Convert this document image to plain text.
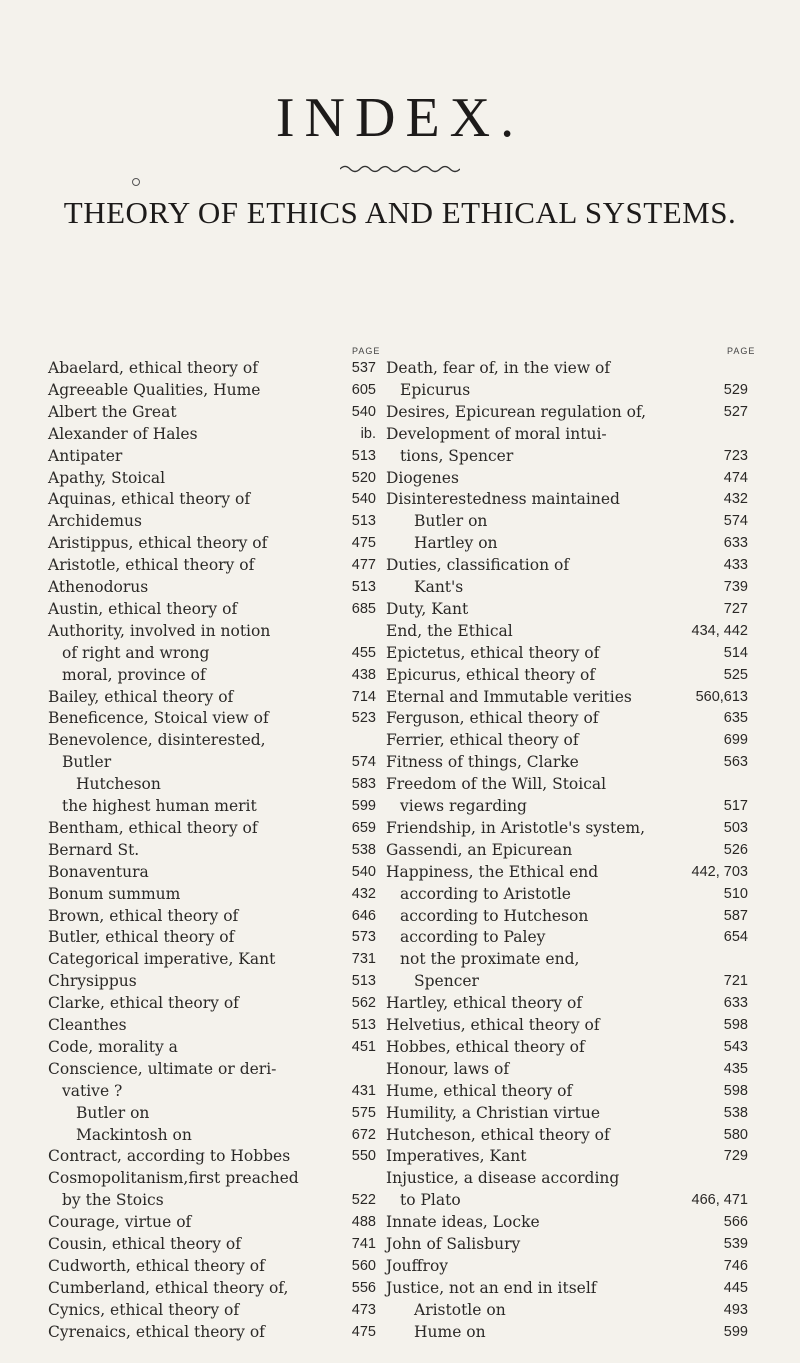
INDEX.
THEORY OF ETHICS AND ETHICAL SYSTEMS.
PAGE	PAGE
Abaelard, ethical theory of	537
Agreeable Qualities, Hume	605
Albert the Great	540
Alexander of Hales	ib.
Antipater	513
Apathy, Stoical	520
Aquinas, ethical theory of	540
Archidemus	513
Aristippus, ethical theory of	475
Aristotle, ethical theory of	477
Athenodorus	513
Austin, ethical theory of	685
Authority, involved in notion
of right and wrong	455
moral, province of	438
Bailey, ethical theory of	714
Beneficence, Stoical view of	523
Benevolence, disinterested,
Butler	574
Hutcheson	583
the highest human merit	599
Bentham, ethical theory of	659
Bernard St.	538
Bonaventura	540
Bonum summum	432
Brown, ethical theory of	646
Butler, ethical theory of	573
Categorical imperative, Kant	731
Chrysippus	513
Clarke, ethical theory of	562
Cleanthes	513
Code, morality a	451
Conscience, ultimate or deri-
vative ?	431
Butler on	575
Mackintosh on	672
Contract, according to Hobbes	550
Cosmopolitanism,first preached
by the Stoics	522
Courage, virtue of	488
Cousin, ethical theory of	741
Cudworth, ethical theory of	560
Cumberland, ethical theory of,	556
Cynics, ethical theory of	473
Cyrenaics, ethical theory of	475
Death, fear of, in the view of
Epicurus	529
Desires, Epicurean regulation of,	527
Development of moral intui-
tions, Spencer	723
Diogenes	474
Disinterestedness maintained	432
Butler on	574
Hartley on	633
Duties, classification of	433
Kant's	739
Duty, Kant	727
End, the Ethical	434, 442
Epictetus, ethical theory of	514
Epicurus, ethical theory of	525
Eternal and Immutable verities	560,613
Ferguson, ethical theory of	635
Ferrier, ethical theory of	699
Fitness of things, Clarke	563
Freedom of the Will, Stoical
views regarding	517
Friendship, in Aristotle's system,	503
Gassendi, an Epicurean	526
Happiness, the Ethical end	442, 703
according to Aristotle	510
according to Hutcheson	587
according to Paley	654
not the proximate end,
Spencer	721
Hartley, ethical theory of	633
Helvetius, ethical theory of	598
Hobbes, ethical theory of	543
Honour, laws of	435
Hume, ethical theory of	598
Humility, a Christian virtue	538
Hutcheson, ethical theory of	580
Imperatives, Kant	729
Injustice, a disease according
to Plato	466, 471
Innate ideas, Locke	566
John of Salisbury	539
Jouffroy	746
Justice, not an end in itself	445
Aristotle on	493
Hume on	599
